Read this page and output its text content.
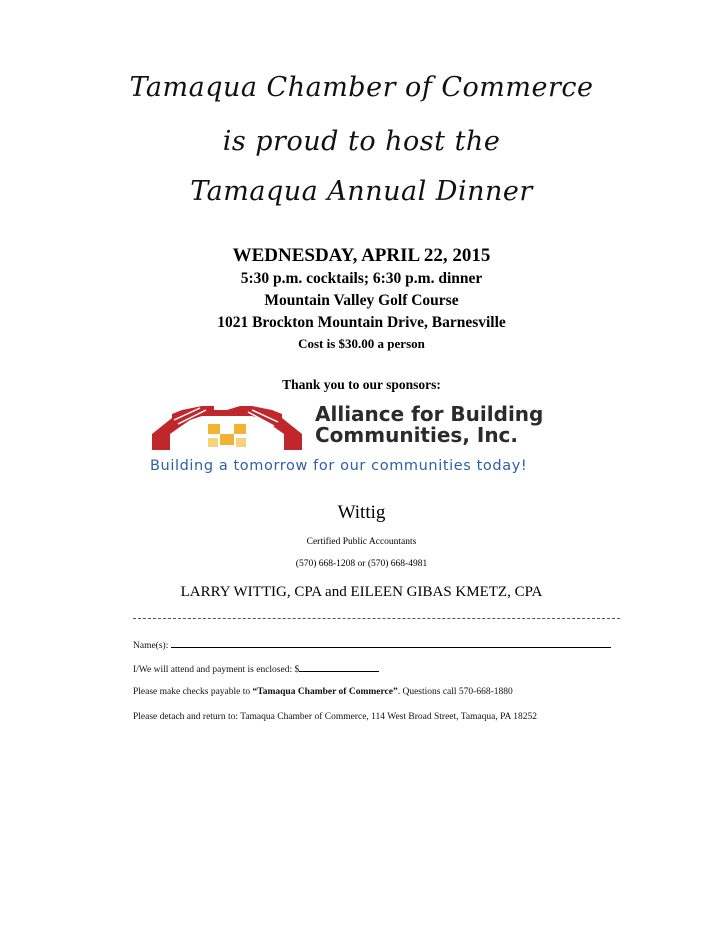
Tamaqua Chamber of Commerce
is proud to host the
Tamaqua Annual Dinner
WEDNESDAY, APRIL 22, 2015
5:30 p.m. cocktails; 6:30 p.m. dinner
Mountain Valley Golf Course
1021 Brockton Mountain Drive, Barnesville
Cost is $30.00 a person
Thank you to our sponsors:
Alliance for Building
Communities, Inc.
Building a tomorrow for our communities today!
Wittig
Certified Public Accountants
(570) 668-1208 or (570) 668-4981
LARRY WITTIG, CPA and EILEEN GIBAS KMETZ, CPA
Name(s):
I/We will attend and payment is enclosed: $
Please make checks payable to “Tamaqua Chamber of Commerce”. Questions call 570-668-1880
Please detach and return to: Tamaqua Chamber of Commerce, 114 West Broad Street, Tamaqua, PA 18252
